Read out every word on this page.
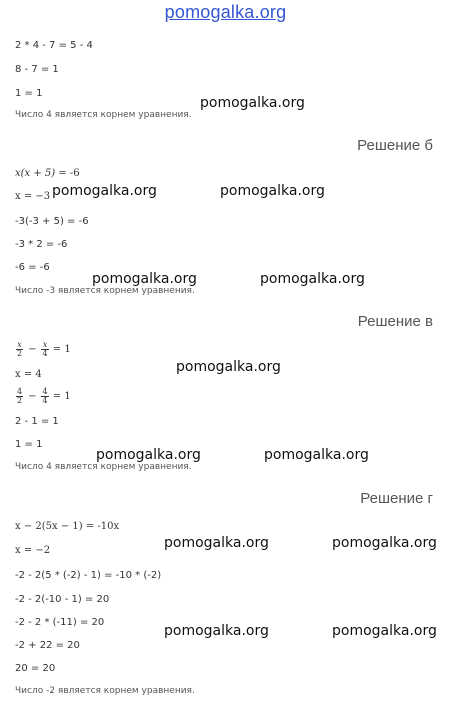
pomogalka.org
2 * 4 - 7 = 5 - 4
8 - 7 = 1
1 = 1
pomogalka.org
Число 4 является корнем уравнения.
Решение б
x(x + 5) = -6
x = −3 pomogalka.org	pomogalka.org
-3(-3 + 5) = -6
-3 * 2 = -6
-6 = -6
pomogalka.org	pomogalka.org
Число -3 является корнем уравнения.
Решение в
$\frac{x}{2} - \frac{x}{4} = 1$
pomogalka.org
x = 4
$\frac{4}{2} - \frac{4}{4} = 1$
2 - 1 = 1
1 = 1
pomogalka.org	pomogalka.org
Число 4 является корнем уравнения.
Решение г
x − 2(5x − 1) = -10x
pomogalka.org	pomogalka.org
x = −2
-2 - 2(5 * (-2) - 1) = -10 * (-2)
-2 - 2(-10 - 1) = 20
-2 - 2 * (-11) = 20
pomogalka.org	pomogalka.org
-2 + 22 = 20
20 = 20
Число -2 является корнем уравнения.
